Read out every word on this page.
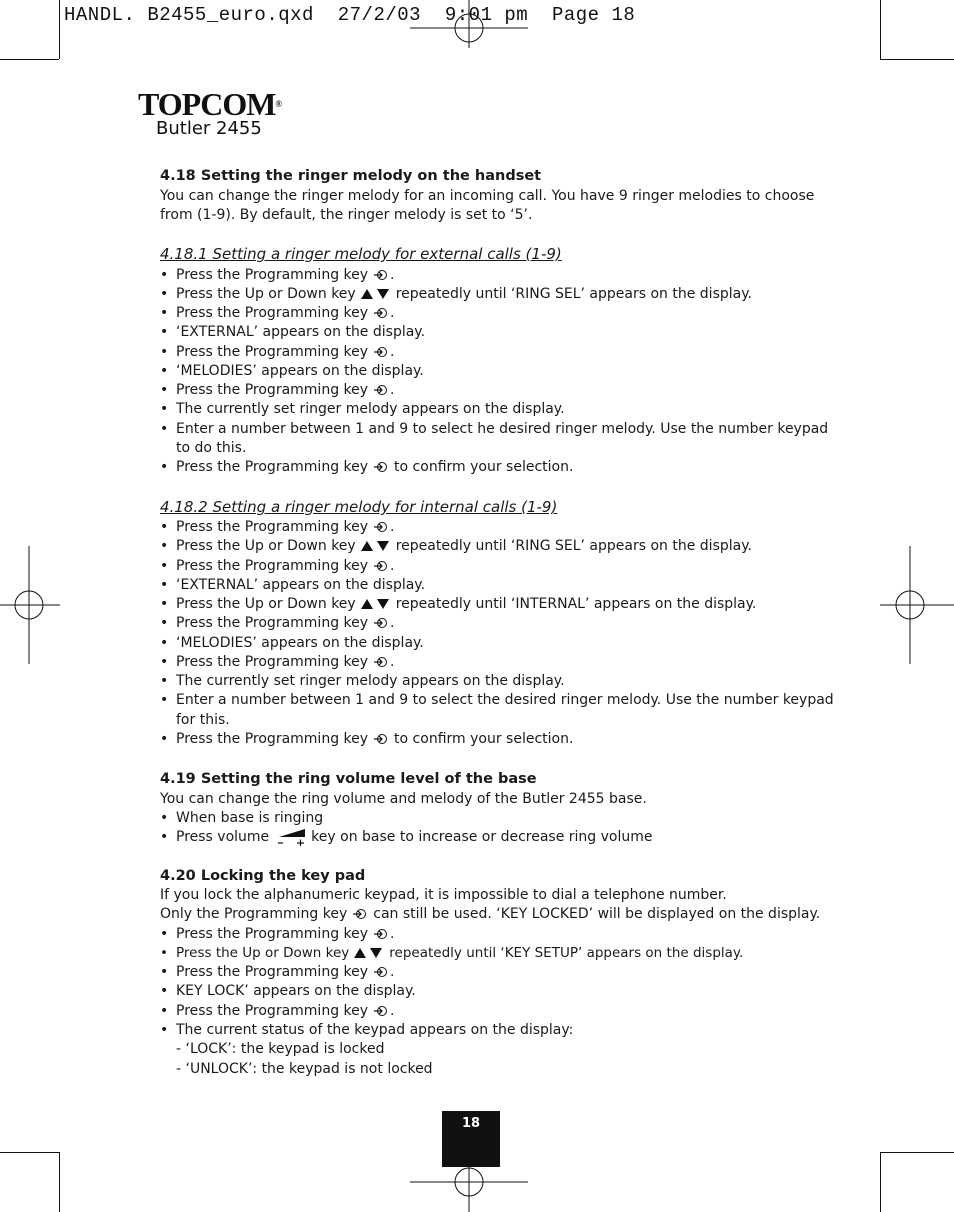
HANDL. B2455_euro.qxd  27/2/03  9:01 pm  Page 18
TOPCOM®
Butler 2455
4.18 Setting the ringer melody on the handset
You can change the ringer melody for an incoming call. You have 9 ringer melodies to choose
from (1-9). By default, the ringer melody is set to ‘5’.
4.18.1 Setting a ringer melody for external calls (1-9)
• Press the Programming key .
• Press the Up or Down key	repeatedly until ‘RING SEL’ appears on the display.
• Press the Programming key .
• ‘EXTERNAL’ appears on the display.
• Press the Programming key .
• ‘MELODIES’ appears on the display.
• Press the Programming key .
• The currently set ringer melody appears on the display.
• Enter a number between 1 and 9 to select he desired ringer melody. Use the number keypad
to do this.
• Press the Programming key to confirm your selection.
4.18.2 Setting a ringer melody for internal calls (1-9)
• Press the Programming key .
• Press the Up or Down key	repeatedly until ‘RING SEL’ appears on the display.
• Press the Programming key .
• ‘EXTERNAL’ appears on the display.
• Press the Up or Down key	repeatedly until ‘INTERNAL’ appears on the display.
• Press the Programming key .
• ‘MELODIES’ appears on the display.
• Press the Programming key .
• The currently set ringer melody appears on the display.
• Enter a number between 1 and 9 to select the desired ringer melody. Use the number keypad
for this.
• Press the Programming key to confirm your selection.
4.19 Setting the ring volume level of the base
You can change the ring volume and melody of the Butler 2455 base.
• When base is ringing
• Press volume	key on base to increase or decrease ring volume
4.20 Locking the key pad
If you lock the alphanumeric keypad, it is impossible to dial a telephone number.
Only the Programming key can still be used. ‘KEY LOCKED’ will be displayed on the display.
• Press the Programming key .
• Press the Up or Down key	repeatedly until ‘KEY SETUP’ appears on the display.
• Press the Programming key .
• KEY LOCK’ appears on the display.
• Press the Programming key .
• The current status of the keypad appears on the display:
- ‘LOCK’: the keypad is locked
- ‘UNLOCK’: the keypad is not locked
18
